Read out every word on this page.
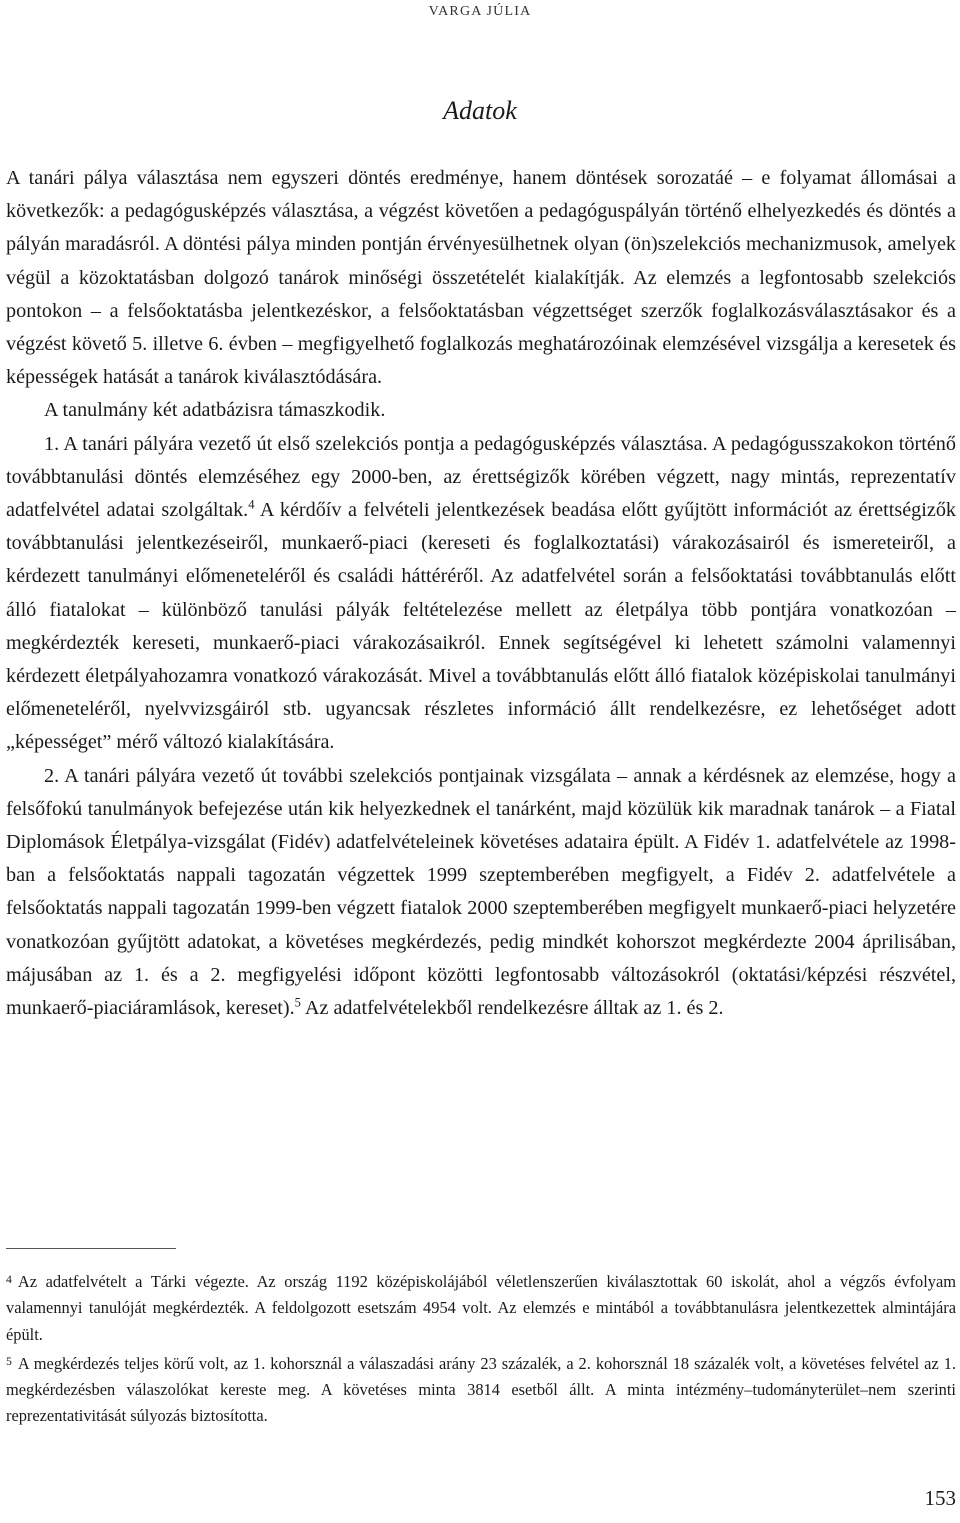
VARGA JÚLIA
Adatok

A tanári pálya választása nem egyszeri döntés eredménye, hanem döntések sorozatáé – e folyamat állomásai a következők: a pedagógusképzés választása, a végzést követően a pedagóguspályán történő elhelyezkedés és döntés a pályán maradásról. A döntési pálya minden pontján érvényesülhetnek olyan (ön)szelekciós mechanizmusok, amelyek végül a közoktatásban dolgozó tanárok minőségi összetételét kialakítják. Az elemzés a legfontosabb szelekciós pontokon – a felsőoktatásba jelentkezéskor, a felsőoktatásban végzettséget szerzők foglalkozásválasztásakor és a végzést követő 5. illetve 6. évben – megfigyelhető foglalkozás meghatározóinak elemzésével vizsgálja a keresetek és képességek hatását a tanárok kiválasztódására.

A tanulmány két adatbázisra támaszkodik.

1. A tanári pályára vezető út első szelekciós pontja a pedagógusképzés választása. A pedagógusszakokon történő továbbtanulási döntés elemzéséhez egy 2000-ben, az érettségizők körében végzett, nagy mintás, reprezentatív adatfelvétel adatai szolgáltak.$^4$ A kérdőív a felvételi jelentkezések beadása előtt gyűjtött információt az érettségizők továbbtanulási jelentkezéseiről, munkaerő-piaci (kereseti és foglalkoztatási) várakozásairól és ismereteiről, a kérdezett tanulmányi előmeneteléről és családi háttéréről. Az adatfelvétel során a felsőoktatási továbbtanulás előtt álló fiatalokat – különböző tanulási pályák feltételezése mellett az életpálya több pontjára vonatkozóan – megkérdezték kereseti, munkaerő-piaci várakozásaikról. Ennek segítségével ki lehetett számolni valamennyi kérdezett életpályahozamra vonatkozó várakozását. Mivel a továbbtanulás előtt álló fiatalok középiskolai tanulmányi előmeneteléről, nyelvvizsgáiról stb. ugyancsak részletes információ állt rendelkezésre, ez lehetőséget adott „képességet” mérő változó kialakítására.

2. A tanári pályára vezető út további szelekciós pontjainak vizsgálata – annak a kérdésnek az elemzése, hogy a felsőfokú tanulmányok befejezése után kik helyezkednek el tanárként, majd közülük kik maradnak tanárok – a Fiatal Diplomások Életpálya-vizsgálat (Fidév) adatfelvételeinek követéses adataira épült. A Fidév 1. adatfelvétele az 1998-ban a felsőoktatás nappali tagozatán végzettek 1999 szeptemberében megfigyelt, a Fidév 2. adatfelvétele a felsőoktatás nappali tagozatán 1999-ben végzett fiatalok 2000 szeptemberében megfigyelt munkaerő-piaci helyzetére vonatkozóan gyűjtött adatokat, a követéses megkérdezés, pedig mindkét kohorszot megkérdezte 2004 áprilisában, májusában az 1. és a 2. megfigyelési időpont közötti legfontosabb változásokról (oktatási/képzési részvétel, munkaerő-piaciáramlások, kereset).$^5$ Az adatfelvételekből rendelkezésre álltak az 1. és 2.

$^4$ Az adatfelvételt a Tárki végezte. Az ország 1192 középiskolájából véletlenszerűen kiválasztottak 60 iskolát, ahol a végzős évfolyam valamennyi tanulóját megkérdezték. A feldolgozott esetszám 4954 volt. Az elemzés e mintából a továbbtanulásra jelentkezettek almintájára épült.

$^5$ A megkérdezés teljes körű volt, az 1. kohorsznál a válaszadási arány 23 százalék, a 2. kohorsznál 18 százalék volt, a követéses felvétel az 1. megkérdezésben válaszolókat kereste meg. A követéses minta 3814 esetből állt. A minta intézmény–tudományterület–nem szerinti reprezentativitását súlyozás biztosította.

153
